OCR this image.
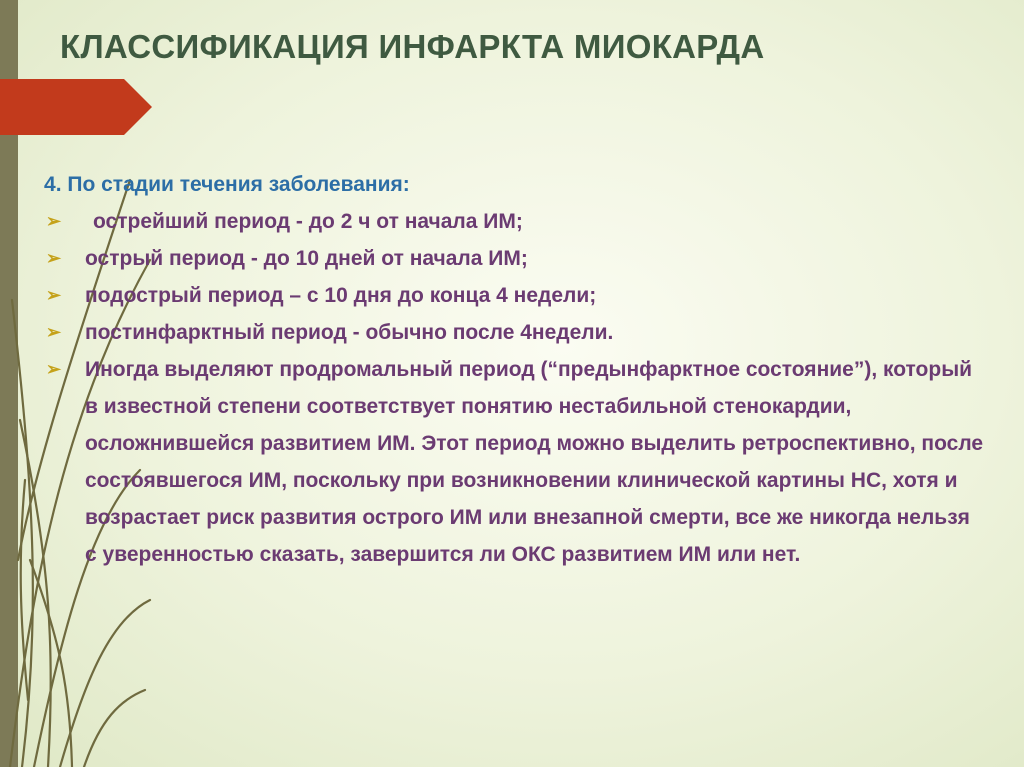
КЛАССИФИКАЦИЯ ИНФАРКТА МИОКАРДА
4. По стадии течения заболевания:
➢ острейший период - до 2 ч от начала ИМ;
➢ острый период - до 10 дней от начала ИМ;
➢ подострый период – с 10 дня до конца 4 недели;
➢ постинфарктный период - обычно после 4недели.
➢ Иногда выделяют продромальный период (“предынфарктное состояние”), который в известной степени соответствует понятию нестабильной стенокардии, осложнившейся развитием ИМ. Этот период можно выделить ретроспективно, после состоявшегося ИМ, поскольку при возникновении клинической картины НС, хотя и возрастает риск развития острого ИМ или внезапной смерти, все же никогда нельзя с уверенностью сказать, завершится ли ОКС развитием ИМ или нет.
